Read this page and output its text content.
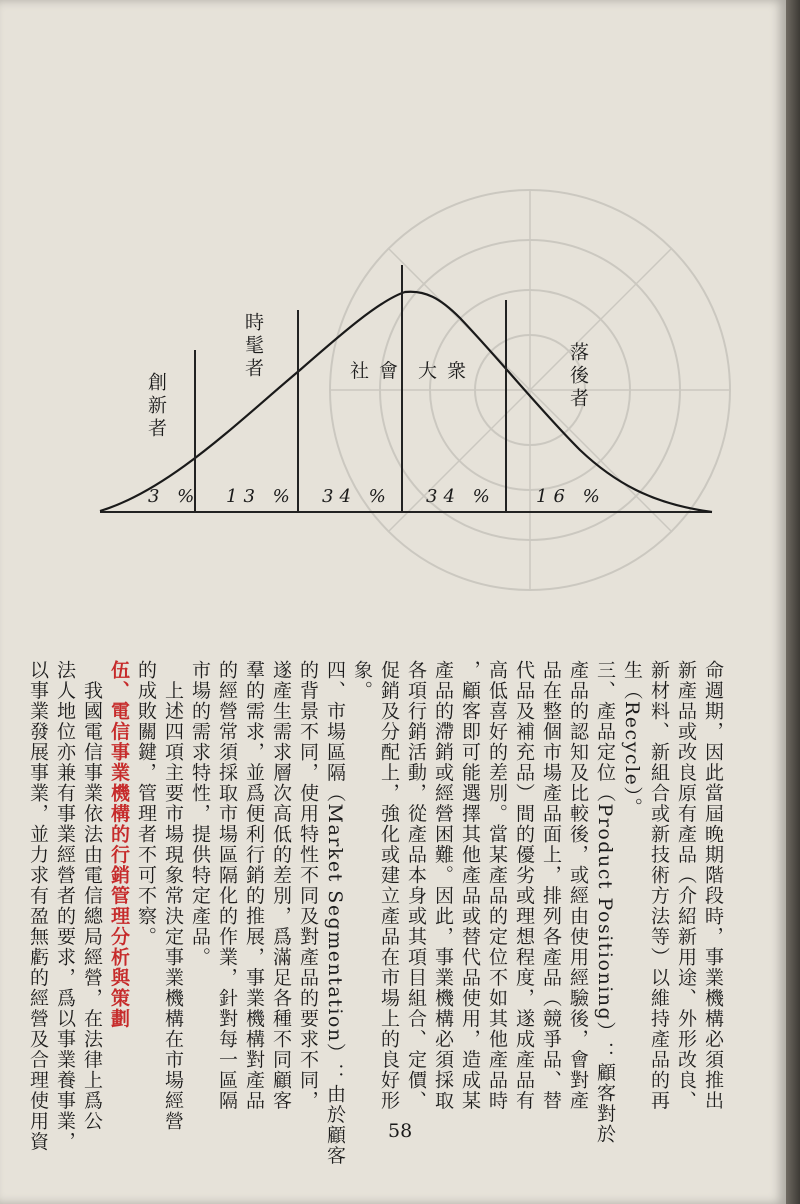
創新者
時髦者	社會 大衆	落後者
3 % 13 % 34 % 34 % 16 %
命週期，因此當屆晚期階段時，事業機構必須推出
新產品或改良原有產品（介紹新用途、外形改良、
新材料、新組合或新技術方法等）以維持產品的再
生（Recycle）。
三、產品定位（Product Positioning）：顧客對於
產品的認知及比較後，或經由使用經驗後，會對產
品在整個市場產品面上，排列各產品（競爭品、替
代品及補充品）間的優劣或理想程度，遂成產品有
高低喜好的差別。當某產品的定位不如其他產品時
，顧客即可能選擇其他產品或替代品使用，造成某
產品的滯銷或經營困難。因此，事業機構必須採取
各項行銷活動，從產品本身或其項目組合、定價、
促銷及分配上，強化或建立產品在市場上的良好形
象。
四、市場區隔（Market Segmentation）：由於顧客
的背景不同，使用特性不同及對產品的要求不同，
遂產生需求層次高低的差別，爲滿足各種不同顧客
羣的需求，並爲便利行銷的推展，事業機構對產品
的經營常須採取市場區隔化的作業，針對每一區隔
市場的需求特性，提供特定產品。
　上述四項主要市場現象常決定事業機構在市場經營
的成敗關鍵，管理者不可不察。
伍、電信事業機構的行銷管理分析與策劃
　我國電信事業依法由電信總局經營，在法律上爲公
法人地位亦兼有事業經營者的要求，爲以事業養事業，
以事業發展事業，並力求有盈無虧的經營及合理使用資	58
